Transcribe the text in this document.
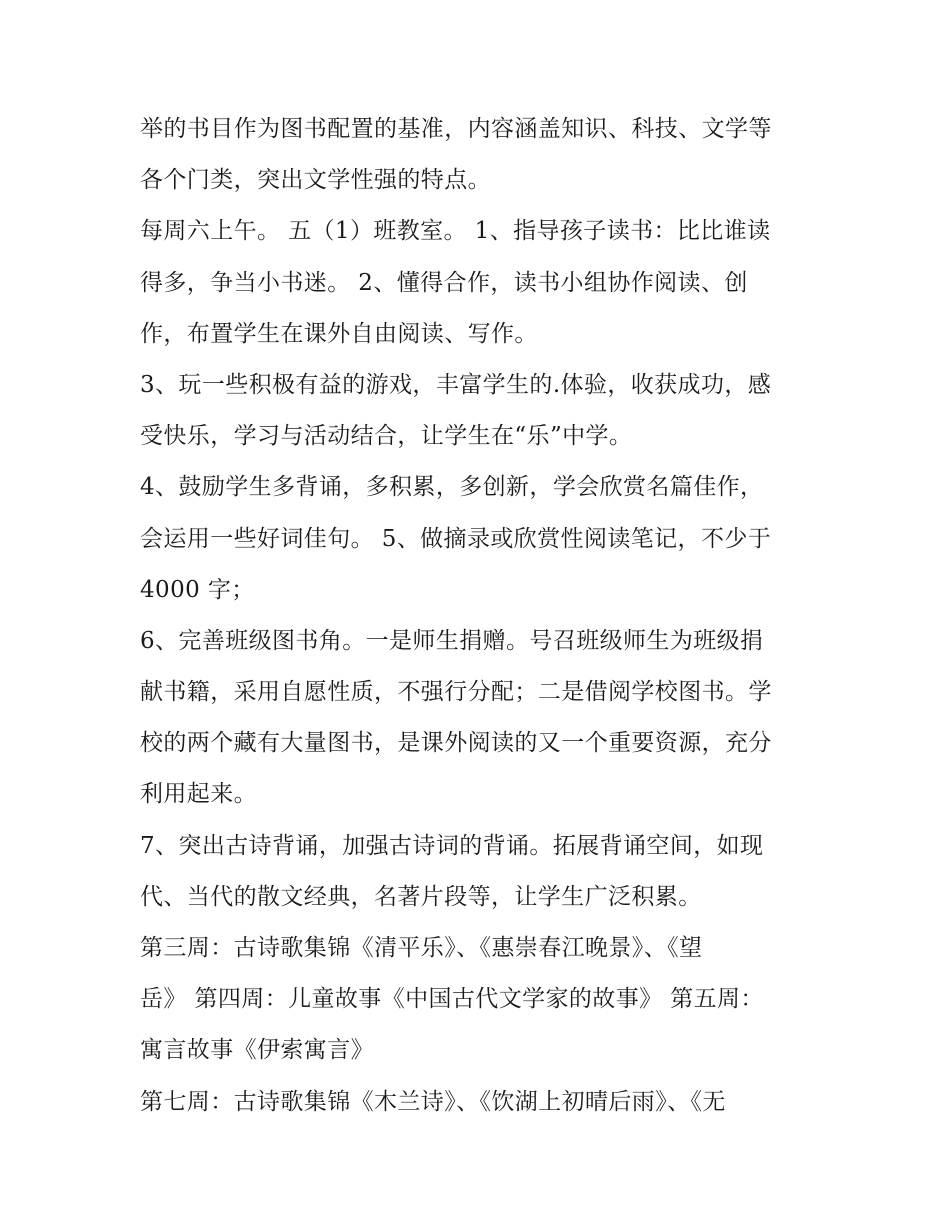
举的书目作为图书配置的基准，内容涵盖知识、科技、文学等
各个门类，突出文学性强的特点。

每周六上午。 五（1）班教室。 1、指导孩子读书：比比谁读
得多，争当小书迷。 2、懂得合作，读书小组协作阅读、创
作，布置学生在课外自由阅读、写作。

3、玩一些积极有益的游戏，丰富学生的.体验，收获成功，感
受快乐，学习与活动结合，让学生在“乐”中学。

4、鼓励学生多背诵，多积累，多创新，学会欣赏名篇佳作，
会运用一些好词佳句。 5、做摘录或欣赏性阅读笔记，不少于
4000 字；

6、完善班级图书角。一是师生捐赠。号召班级师生为班级捐
献书籍，采用自愿性质，不强行分配；二是借阅学校图书。学
校的两个藏有大量图书，是课外阅读的又一个重要资源，充分
利用起来。

7、突出古诗背诵，加强古诗词的背诵。拓展背诵空间，如现
代、当代的散文经典，名著片段等，让学生广泛积累。

第三周：古诗歌集锦《清平乐》、《惠崇春江晚景》、《望
岳》 第四周：儿童故事《中国古代文学家的故事》 第五周：
寓言故事《伊索寓言》

第七周：古诗歌集锦《木兰诗》、《饮湖上初晴后雨》、《无
